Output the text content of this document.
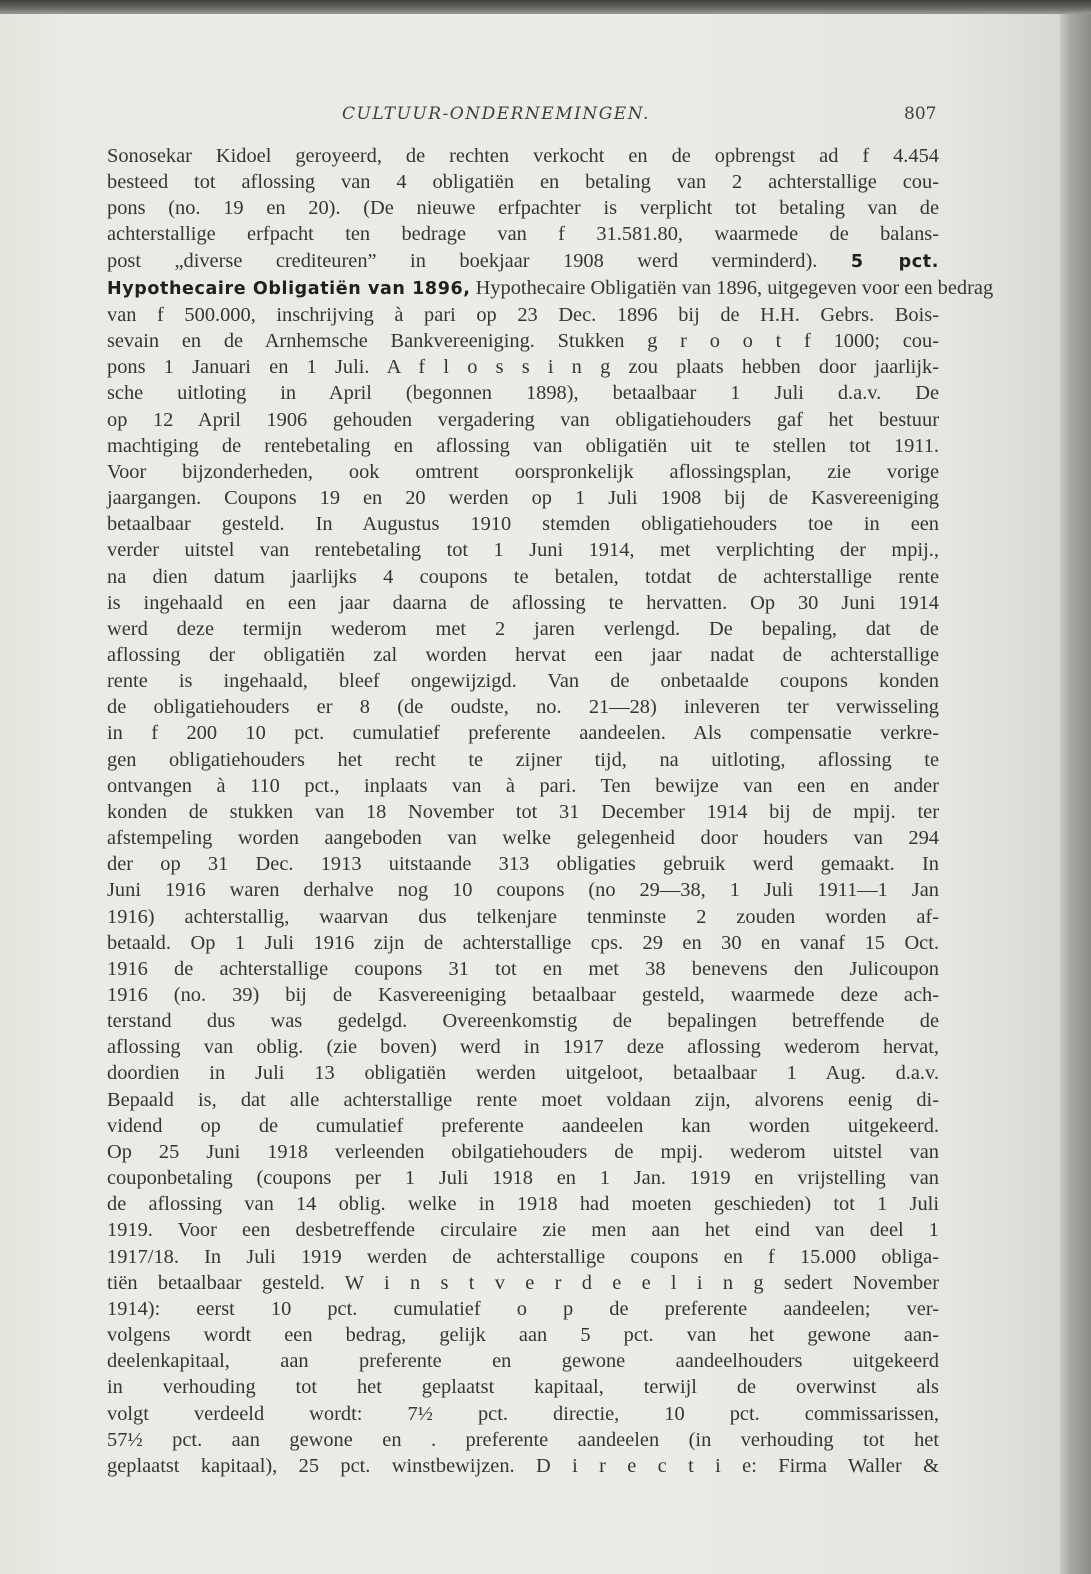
CULTUUR-ONDERNEMINGEN.	807
Sonosekar Kidoel geroyeerd, de rechten verkocht en de opbrengst ad f 4.454
besteed tot aflossing van 4 obligatiën en betaling van 2 achterstallige cou-
pons (no. 19 en 20). (De nieuwe erfpachter is verplicht tot betaling van de
achterstallige erfpacht ten bedrage van f 31.581.80, waarmede de balans-
post „diverse crediteuren” in boekjaar 1908 werd verminderd). 5 pct.
Hypothecaire Obligatiën van 1896, Hypothecaire Obligatiën van 1896, uitgegeven voor een bedrag
van f 500.000, inschrijving à pari op 23 Dec. 1896 bij de H.H. Gebrs. Bois-
sevain en de Arnhemsche Bankvereeniging. Stukken g r o o t f 1000; cou-
pons 1 Januari en 1 Juli. A f l o s s i n g zou plaats hebben door jaarlijk-
sche uitloting in April (begonnen 1898), betaalbaar 1 Juli d.a.v. De
op 12 April 1906 gehouden vergadering van obligatiehouders gaf het bestuur
machtiging de rentebetaling en aflossing van obligatiën uit te stellen tot 1911.
Voor bijzonderheden, ook omtrent oorspronkelijk aflossingsplan, zie vorige
jaargangen. Coupons 19 en 20 werden op 1 Juli 1908 bij de Kasvereeniging
betaalbaar gesteld. In Augustus 1910 stemden obligatiehouders toe in een
verder uitstel van rentebetaling tot 1 Juni 1914, met verplichting der mpij.,
na dien datum jaarlijks 4 coupons te betalen, totdat de achterstallige rente
is ingehaald en een jaar daarna de aflossing te hervatten. Op 30 Juni 1914
werd deze termijn wederom met 2 jaren verlengd. De bepaling, dat de
aflossing der obligatiën zal worden hervat een jaar nadat de achterstallige
rente is ingehaald, bleef ongewijzigd. Van de onbetaalde coupons konden
de obligatiehouders er 8 (de oudste, no. 21—28) inleveren ter verwisseling
in f 200 10 pct. cumulatief preferente aandeelen. Als compensatie verkre-
gen obligatiehouders het recht te zijner tijd, na uitloting, aflossing te
ontvangen à 110 pct., inplaats van à pari. Ten bewijze van een en ander
konden de stukken van 18 November tot 31 December 1914 bij de mpij. ter
afstempeling worden aangeboden van welke gelegenheid door houders van 294
der op 31 Dec. 1913 uitstaande 313 obligaties gebruik werd gemaakt. In
Juni 1916 waren derhalve nog 10 coupons (no 29—38, 1 Juli 1911—1 Jan
1916) achterstallig, waarvan dus telkenjare tenminste 2 zouden worden af-
betaald. Op 1 Juli 1916 zijn de achterstallige cps. 29 en 30 en vanaf 15 Oct.
1916 de achterstallige coupons 31 tot en met 38 benevens den Julicoupon
1916 (no. 39) bij de Kasvereeniging betaalbaar gesteld, waarmede deze ach-
terstand dus was gedelgd. Overeenkomstig de bepalingen betreffende de
aflossing van oblig. (zie boven) werd in 1917 deze aflossing wederom hervat,
doordien in Juli 13 obligatiën werden uitgeloot, betaalbaar 1 Aug. d.a.v.
Bepaald is, dat alle achterstallige rente moet voldaan zijn, alvorens eenig di-
vidend op de cumulatief preferente aandeelen kan worden uitgekeerd.
Op 25 Juni 1918 verleenden obilgatiehouders de mpij. wederom uitstel van
couponbetaling (coupons per 1 Juli 1918 en 1 Jan. 1919 en vrijstelling van
de aflossing van 14 oblig. welke in 1918 had moeten geschieden) tot 1 Juli
1919. Voor een desbetreffende circulaire zie men aan het eind van deel 1
1917/18. In Juli 1919 werden de achterstallige coupons en f 15.000 obliga-
tiën betaalbaar gesteld. W i n s t v e r d e e l i n g sedert November
1914): eerst 10 pct. cumulatief o p de preferente aandeelen; ver-
volgens wordt een bedrag, gelijk aan 5 pct. van het gewone aan-
deelenkapitaal, aan preferente en gewone aandeelhouders uitgekeerd
in verhouding tot het geplaatst kapitaal, terwijl de overwinst als
volgt verdeeld wordt: 7½ pct. directie, 10 pct. commissarissen,
57½ pct. aan gewone en . preferente aandeelen (in verhouding tot het
geplaatst kapitaal), 25 pct. winstbewijzen. D i r e c t i e: Firma Waller &
